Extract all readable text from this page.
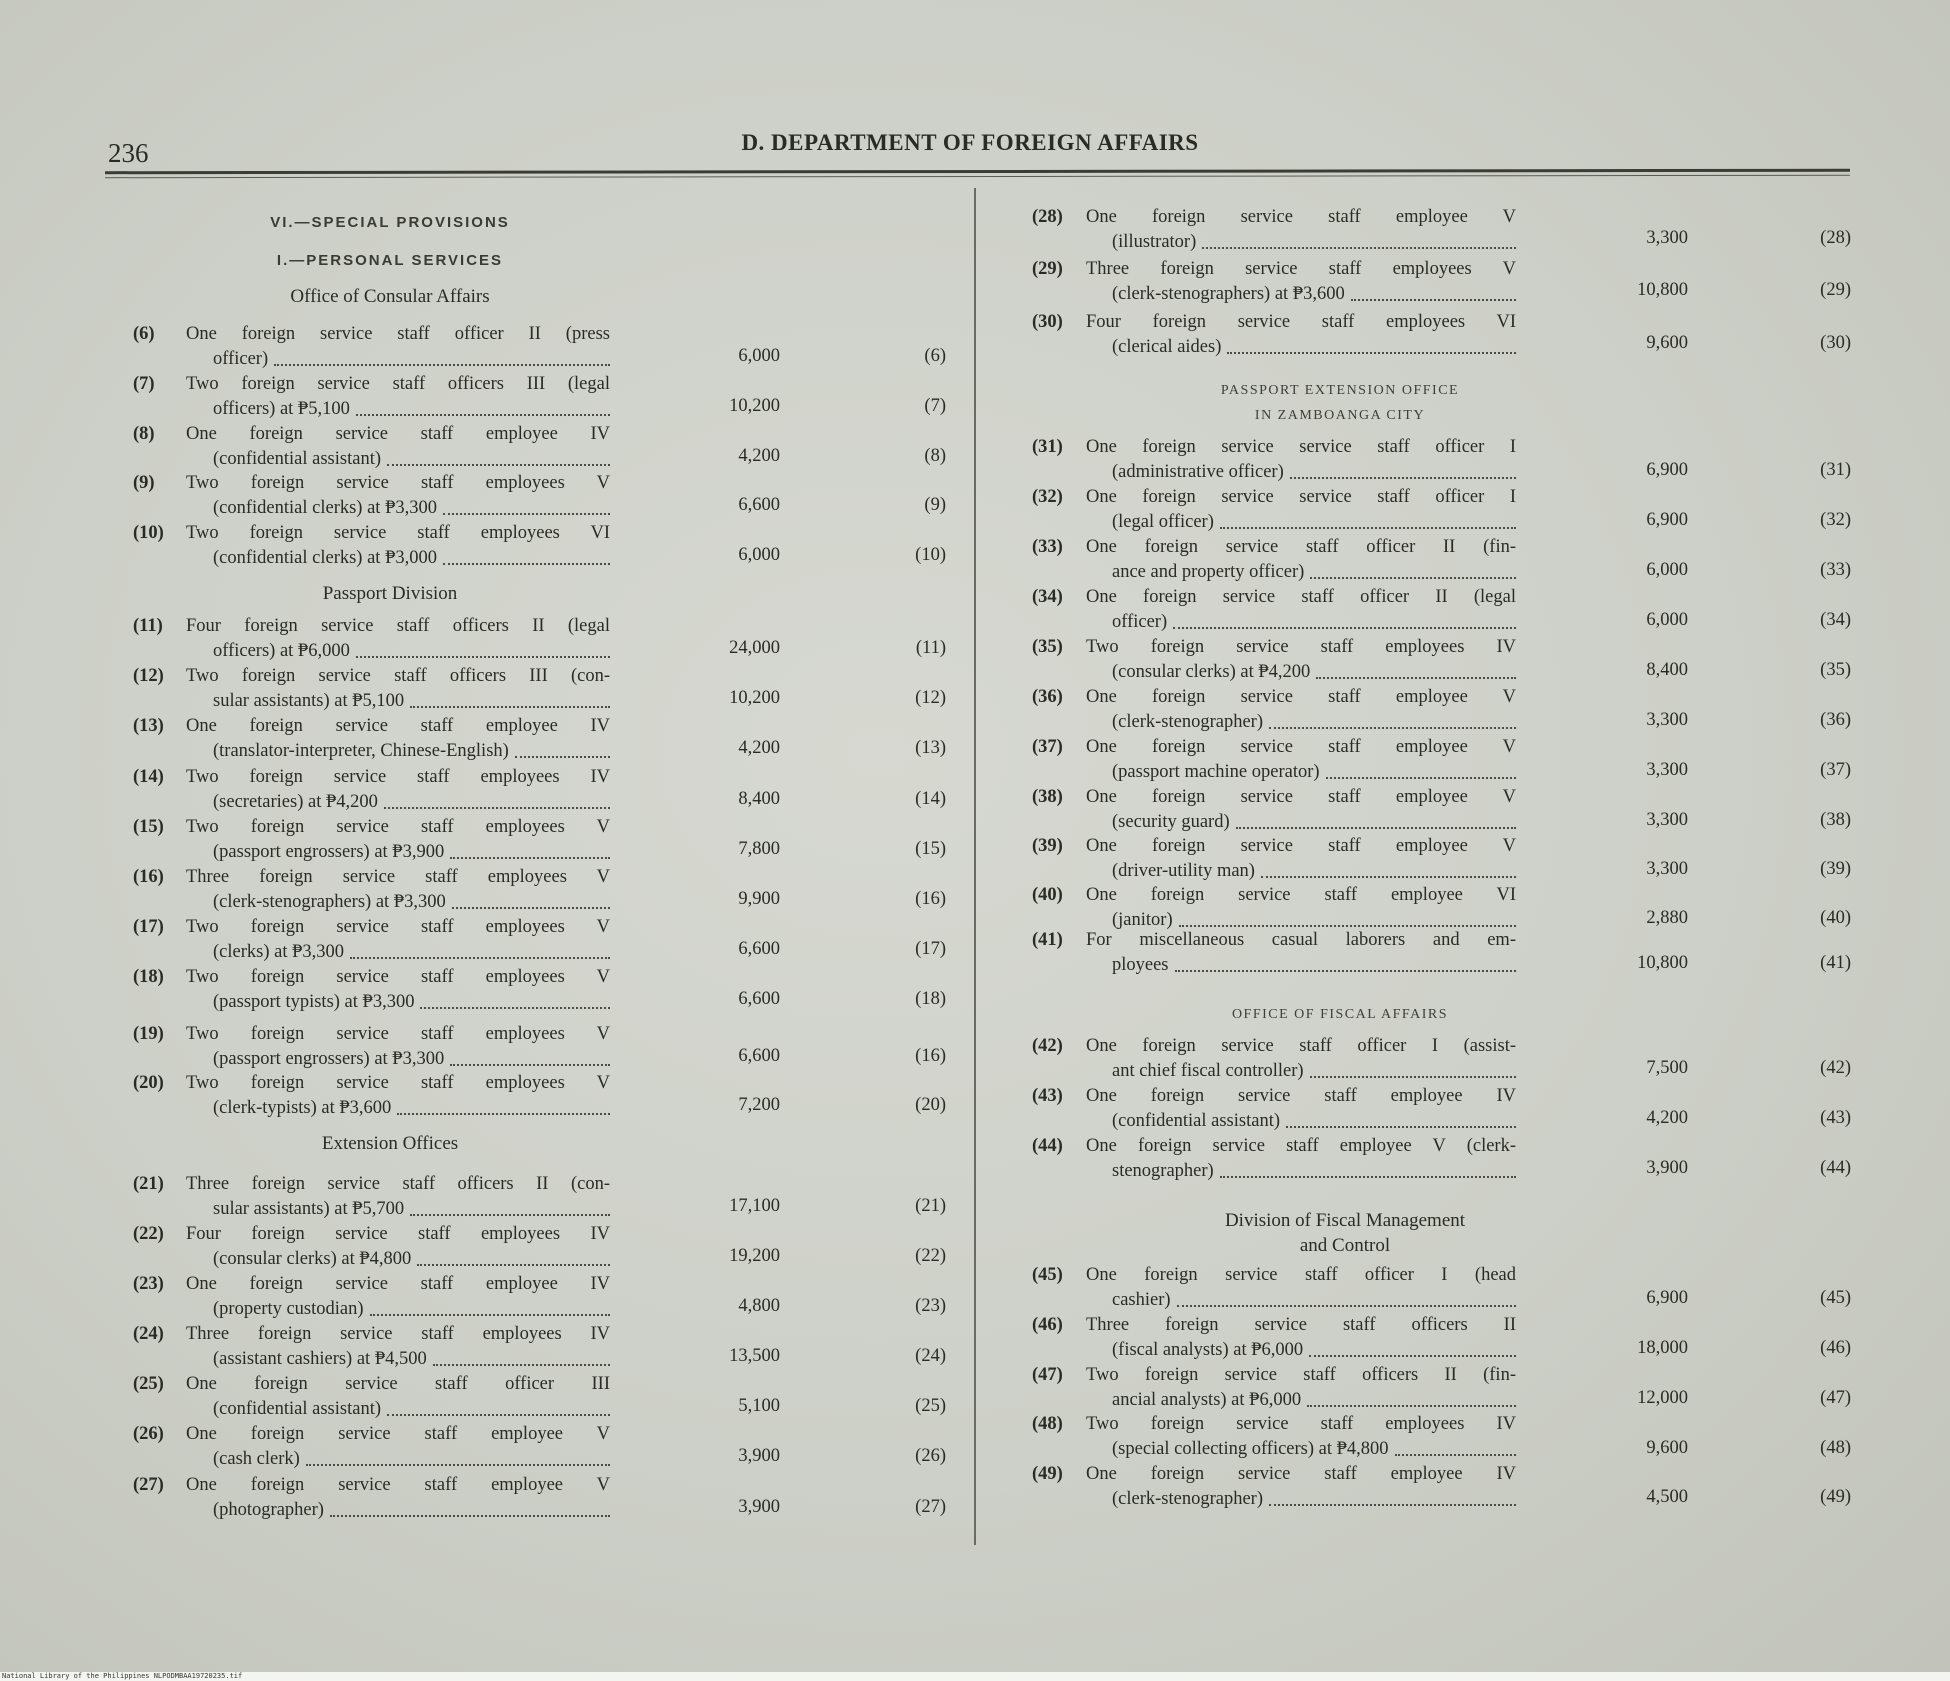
236	D. DEPARTMENT OF FOREIGN AFFAIRS
VI.—SPECIAL PROVISIONS
I.—PERSONAL SERVICES
Office of Consular Affairs
Passport Division
Extension Offices
PASSPORT EXTENSION OFFICE
IN ZAMBOANGA CITY
OFFICE OF FISCAL AFFAIRS
Division of Fiscal Management
and Control
(6) One foreign service staff officer II (press
officer)	6,000	(6)
(7) Two foreign service staff officers III (legal
officers) at ₱5,100	10,200	(7)
(8) One foreign service staff employee IV
(confidential assistant)	4,200	(8)
(9) Two foreign service staff employees V
(confidential clerks) at ₱3,300	6,600	(9)
(10) Two foreign service staff employees VI
(confidential clerks) at ₱3,000	6,000	(10)
(11) Four foreign service staff officers II (legal
officers) at ₱6,000	24,000	(11)
(12) Two foreign service staff officers III (con-
sular assistants) at ₱5,100	10,200	(12)
(13) One foreign service staff employee IV
(translator-interpreter, Chinese-English)	4,200	(13)
(14) Two foreign service staff employees IV
(secretaries) at ₱4,200	8,400	(14)
(15) Two foreign service staff employees V
(passport engrossers) at ₱3,900	7,800	(15)
(16) Three foreign service staff employees V
(clerk-stenographers) at ₱3,300	9,900	(16)
(17) Two foreign service staff employees V
(clerks) at ₱3,300	6,600	(17)
(18) Two foreign service staff employees V
(passport typists) at ₱3,300	6,600	(18)
(19) Two foreign service staff employees V
(passport engrossers) at ₱3,300	6,600	(16)
(20) Two foreign service staff employees V
(clerk-typists) at ₱3,600	7,200	(20)
(21) Three foreign service staff officers II (con-
sular assistants) at ₱5,700	17,100	(21)
(22) Four foreign service staff employees IV
(consular clerks) at ₱4,800	19,200	(22)
(23) One foreign service staff employee IV
(property custodian)	4,800	(23)
(24) Three foreign service staff employees IV
(assistant cashiers) at ₱4,500	13,500	(24)
(25) One foreign service staff officer III
(confidential assistant)	5,100	(25)
(26) One foreign service staff employee V
(cash clerk)	3,900	(26)
(27) One foreign service staff employee V
(photographer)	3,900	(27)
(28) One foreign service staff employee V
(illustrator)	3,300	(28)
(29) Three foreign service staff employees V
(clerk-stenographers) at ₱3,600	10,800	(29)
(30) Four foreign service staff employees VI
(clerical aides)	9,600	(30)
(31) One foreign service service staff officer I
(administrative officer)	6,900	(31)
(32) One foreign service service staff officer I
(legal officer)	6,900	(32)
(33) One foreign service staff officer II (fin-
ance and property officer)	6,000	(33)
(34) One foreign service staff officer II (legal
officer)	6,000	(34)
(35) Two foreign service staff employees IV
(consular clerks) at ₱4,200	8,400	(35)
(36) One foreign service staff employee V
(clerk-stenographer)	3,300	(36)
(37) One foreign service staff employee V
(passport machine operator)	3,300	(37)
(38) One foreign service staff employee V
(security guard)	3,300	(38)
(39) One foreign service staff employee V
(driver-utility man)	3,300	(39)
(40) One foreign service staff employee VI
(janitor)	2,880	(40)
(41) For miscellaneous casual laborers and em-
ployees	10,800	(41)
(42) One foreign service staff officer I (assist-
ant chief fiscal controller)	7,500	(42)
(43) One foreign service staff employee IV
(confidential assistant)	4,200	(43)
(44) One foreign service staff employee V (clerk-
stenographer)	3,900	(44)
(45) One foreign service staff officer I (head
cashier)	6,900	(45)
(46) Three foreign service staff officers II
(fiscal analysts) at ₱6,000	18,000	(46)
(47) Two foreign service staff officers II (fin-
ancial analysts) at ₱6,000	12,000	(47)
(48) Two foreign service staff employees IV
(special collecting officers) at ₱4,800	9,600	(48)
(49) One foreign service staff employee IV
(clerk-stenographer)	4,500	(49)
National Library of the Philippines NLPODMBAA19720235.tif
